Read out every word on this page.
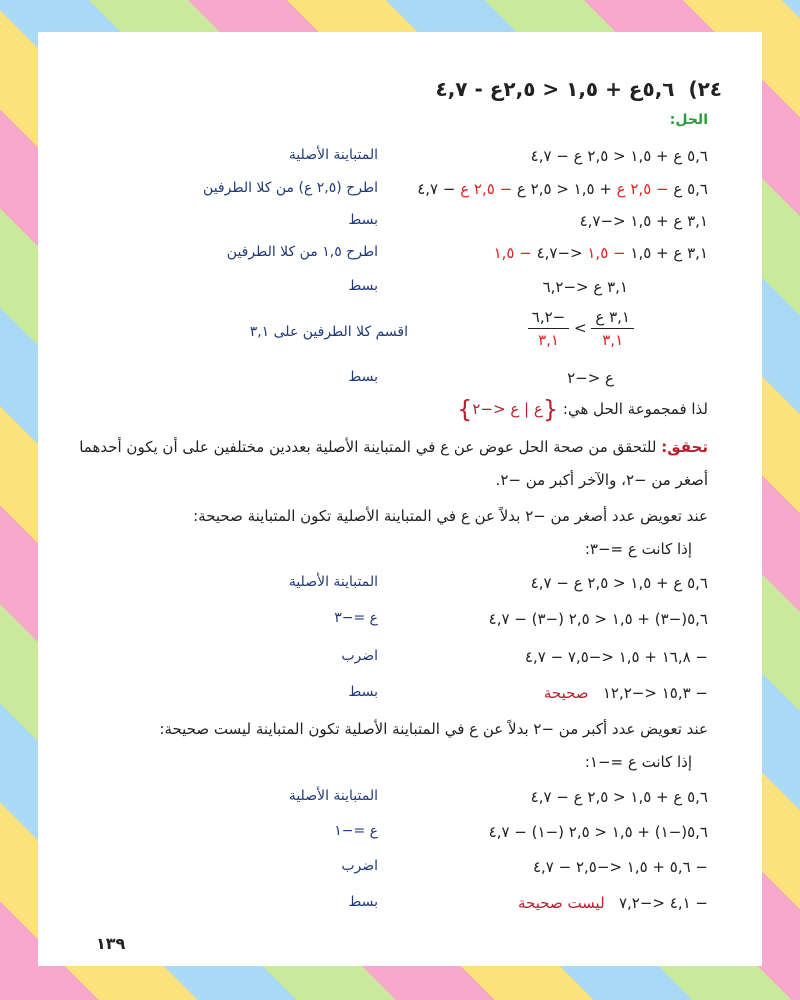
٢٤)  ٥,٦ع + ١,٥ < ٢,٥ع - ٤,٧
الحل:
٥,٦ ع + ١,٥ < ٢,٥ ع − ٤,٧
المتباينة الأصلية
٥,٦ ع − ٢,٥ ع + ١,٥ < ٢,٥ ع − ٢,٥ ع − ٤,٧
اطرح (٢,٥ ع) من كلا الطرفين
٣,١ ع + ١,٥ <−٤,٧
بسط
٣,١ ع + ١,٥ − ١,٥ <−٤,٧ − ١,٥
اطرح ١,٥ من كلا الطرفين
٣,١ ع <−٦,٢
بسط
$\frac{\text{٣,١ ع}}{٣,١}$
>
$\frac{-٦,٢}{٣,١}$
اقسم كلا الطرفين على ٣,١
ع <−٢
بسط
لذا فمجموعة الحل هي: {ع | ع <−٢}
تحقق: للتحقق من صحة الحل عوض عن ع في المتباينة الأصلية بعددين مختلفين على أن يكون أحدهما
أصغر من −٢، والآخر أكبر من −٢.
عند تعويض عدد أصغر من −٢ بدلاً عن ع في المتباينة الأصلية تكون المتباينة صحيحة:
إذا كانت ع =−٣:
٥,٦ ع + ١,٥ < ٢,٥ ع − ٤,٧
المتباينة الأصلية
٥,٦(−٣) + ١,٥ < ٢,٥ (−٣) − ٤,٧
ع =−٣
− ١٦,٨ + ١,٥ <−٧,٥ − ٤,٧
اضرب
− ١٥,٣ <−١٢,٢   صحيحة
بسط
عند تعويض عدد أكبر من −٢ بدلاً عن ع في المتباينة الأصلية تكون المتباينة ليست صحيحة:
إذا كانت ع =−١:
٥,٦ ع + ١,٥ < ٢,٥ ع − ٤,٧
المتباينة الأصلية
٥,٦(−١) + ١,٥ < ٢,٥ (−١) − ٤,٧
ع =−١
− ٥,٦ + ١,٥ <−٢,٥ − ٤,٧
اضرب
− ٤,١ <−٧,٢   ليست صحيحة
بسط
١٣٩
